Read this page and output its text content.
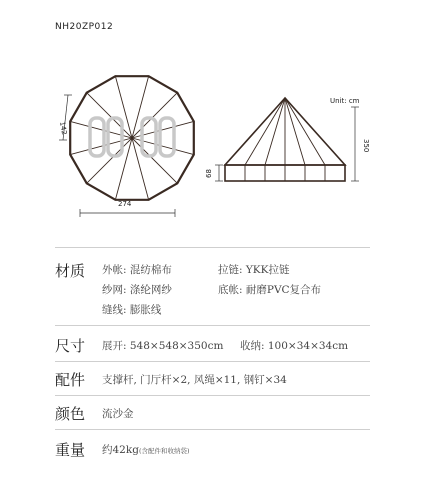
NH20ZP012
142
274
Unit: cm
350
68
材质 外帐: 混纺棉布	拉链: YKK拉链
纱网: 涤纶网纱	底帐: 耐磨PVC复合布
缝线: 膨胀线
尺寸 展开: 548×548×350cm 收纳: 100×34×34cm
配件 支撑杆, 门厅杆×2, 风绳×11, 钢钉×34
颜色 流沙金
重量 约42kg(含配件和收纳袋)
